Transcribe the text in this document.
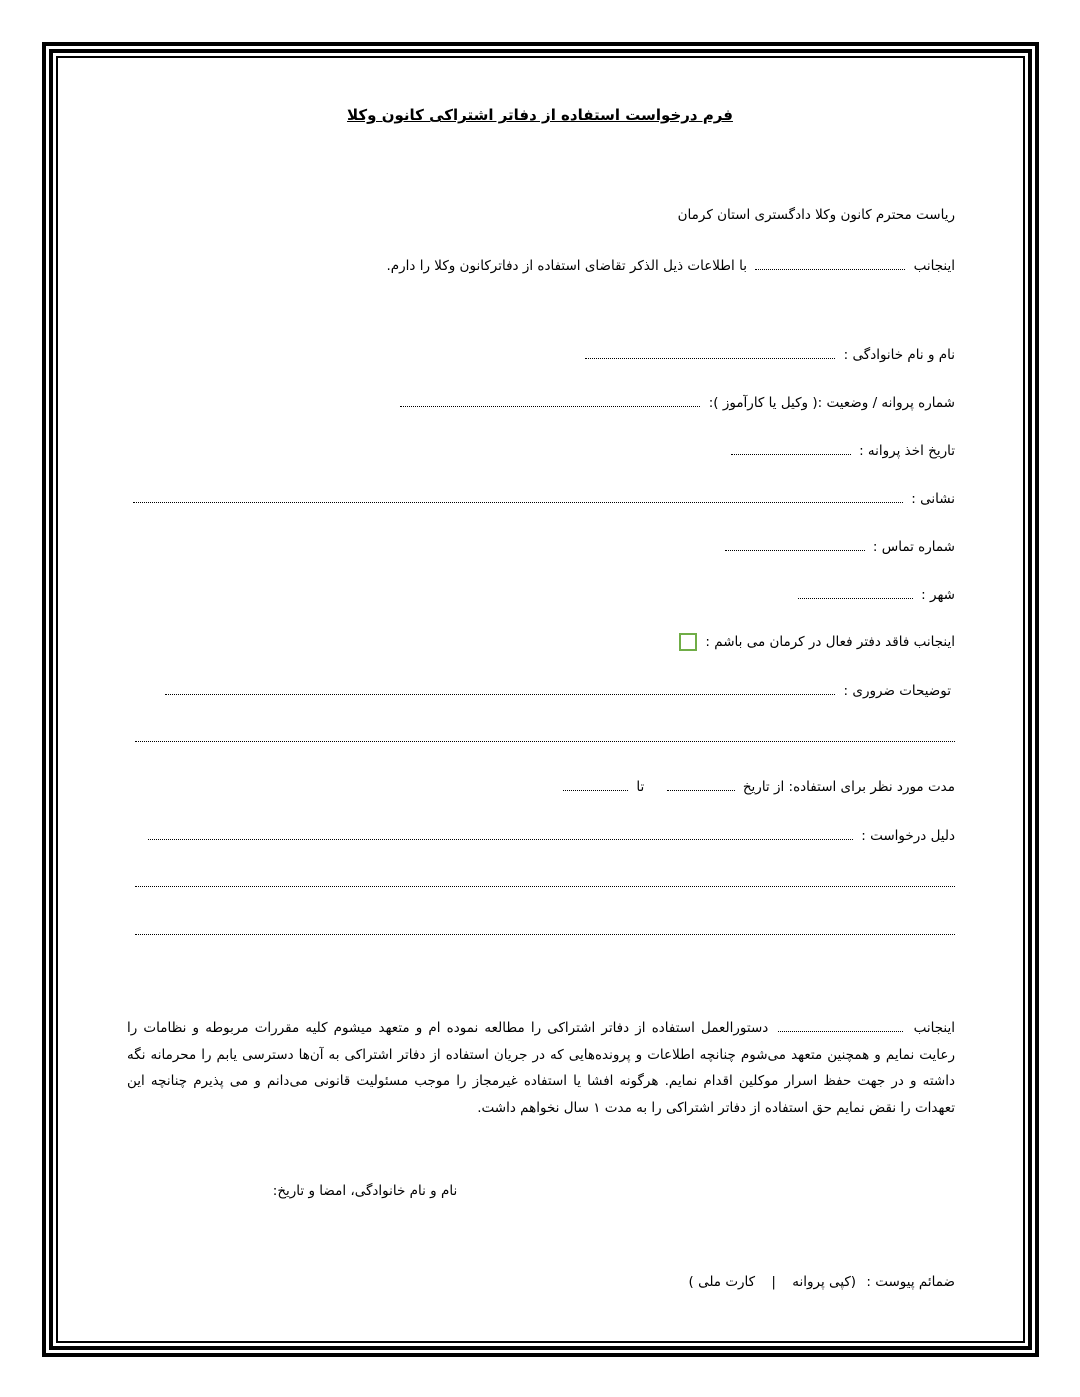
فرم درخواست استفاده از دفاتر اشتراکی کانون وکلا
ریاست محترم کانون وکلا دادگستری استان کرمان
اینجانب  با اطلاعات ذیل الذکر تقاضای استفاده از دفاترکانون وکلا را دارم.
نام و نام خانوادگی :
شماره پروانه / وضعیت :( وکیل یا کارآموز ):
تاریخ اخذ پروانه :
نشانی :
شماره تماس :
شهر :
اینجانب فاقد دفتر فعال در کرمان می باشم :
توضیحات ضروری :
مدت مورد نظر برای استفاده: از تاریخ  تا
دلیل درخواست :
اینجانب  دستورالعمل استفاده از دفاتر اشتراکی را مطالعه نموده ام و متعهد میشوم کلیه مقررات مربوطه و نظامات را رعایت نمایم و همچنین متعهد می‌شوم چنانچه اطلاعات و پرونده‌هایی که در جریان استفاده از دفاتر اشتراکی به آن‌ها دسترسی یابم را محرمانه نگه داشته و در جهت حفظ اسرار موکلین اقدام نمایم. هرگونه افشا یا استفاده غیرمجاز را موجب مسئولیت قانونی می‌دانم و می پذیرم چنانچه این تعهدات را نقض نمایم حق استفاده از دفاتر اشتراکی را به مدت ۱ سال نخواهم داشت.
نام و نام خانوادگی، امضا و تاریخ:
ضمائم پیوست : (کپی پروانه | کارت ملی )
